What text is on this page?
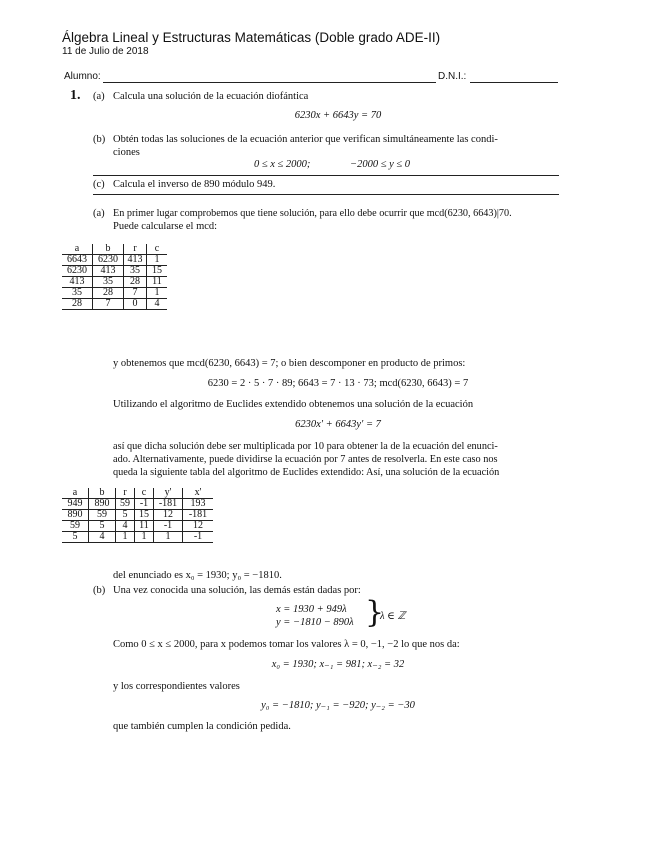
Álgebra Lineal y Estructuras Matemáticas (Doble grado ADE-II)
11 de Julio de 2018
Alumno:	D.N.I.:
1. (a) Calcula una solución de la ecuación diofántica
6230x + 6643y = 70
(b) Obtén todas las soluciones de la ecuación anterior que verifican simultáneamente las condi-
ciones
0 ≤ x ≤ 2000;	−2000 ≤ y ≤ 0
(c) Calcula el inverso de 890 módulo 949.
(a) En primer lugar comprobemos que tiene solución, para ello debe ocurrir que mcd(6230, 6643)|70.
Puede calcularse el mcd:
a	b	r	c
6643	6230	413	1
6230	413	35	15
413	35	28	11
35	28	7	1
28	7	0	4
y obtenemos que mcd(6230, 6643) = 7; o bien descomponer en producto de primos:
6230 = 2 · 5 · 7 · 89; 6643 = 7 · 13 · 73; mcd(6230, 6643) = 7
Utilizando el algoritmo de Euclides extendido obtenemos una solución de la ecuación
6230x′ + 6643y′ = 7
así que dicha solución debe ser multiplicada por 10 para obtener la de la ecuación del enunci-
ado. Alternativamente, puede dividirse la ecuación por 7 antes de resolverla. En este caso nos
queda la siguiente tabla del algoritmo de Euclides extendido: Así, una solución de la ecuación
a	b	r	c	y'	x'
949	890	59	-1	-181	193
890	59	5	15	12	-181
59	5	4	11	-1	12
5	4	1	1	1	-1
del enunciado es x₀ = 1930; y₀ = −1810.
(b) Una vez conocida una solución, las demás están dadas por:
x = 1930 + 949λ
y = −1810 − 890λ }
λ ∈ ℤ
Como 0 ≤ x ≤ 2000, para x podemos tomar los valores λ = 0, −1, −2 lo que nos da:
x₀ = 1930; x₋₁ = 981; x₋₂ = 32
y los correspondientes valores
y₀ = −1810; y₋₁ = −920; y₋₂ = −30
que también cumplen la condición pedida.
